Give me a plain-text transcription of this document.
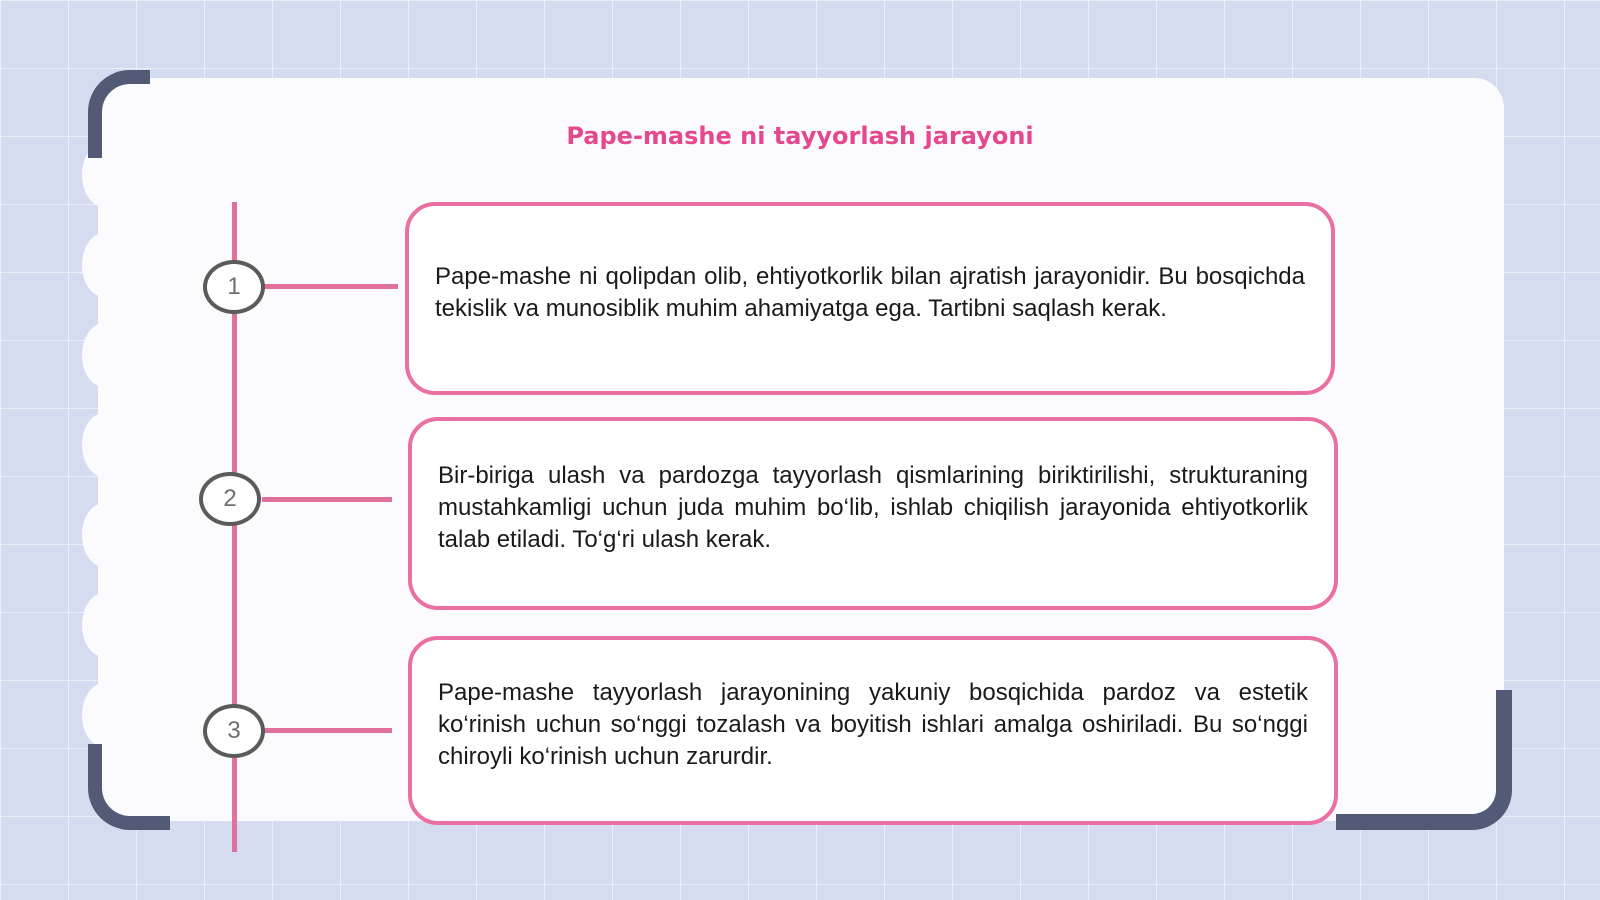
Pape-mashe ni tayyorlash jarayoni
1
2
3

Pape-mashe ni qolipdan olib, ehtiyotkorlik bilan ajratish jarayonidir. Bu bosqichda tekislik va munosiblik muhim ahamiyatga ega. Tartibni saqlash kerak.

Bir-biriga ulash va pardozga tayyorlash qismlarining biriktirilishi, strukturaning mustahkamligi uchun juda muhim bo‘lib, ishlab chiqilish jarayonida ehtiyotkorlik talab etiladi. To‘g‘ri ulash kerak.

Pape-mashe tayyorlash jarayonining yakuniy bosqichida pardoz va estetik ko‘rinish uchun so‘nggi tozalash va boyitish ishlari amalga oshiriladi. Bu so‘nggi chiroyli ko‘rinish uchun zarurdir.
